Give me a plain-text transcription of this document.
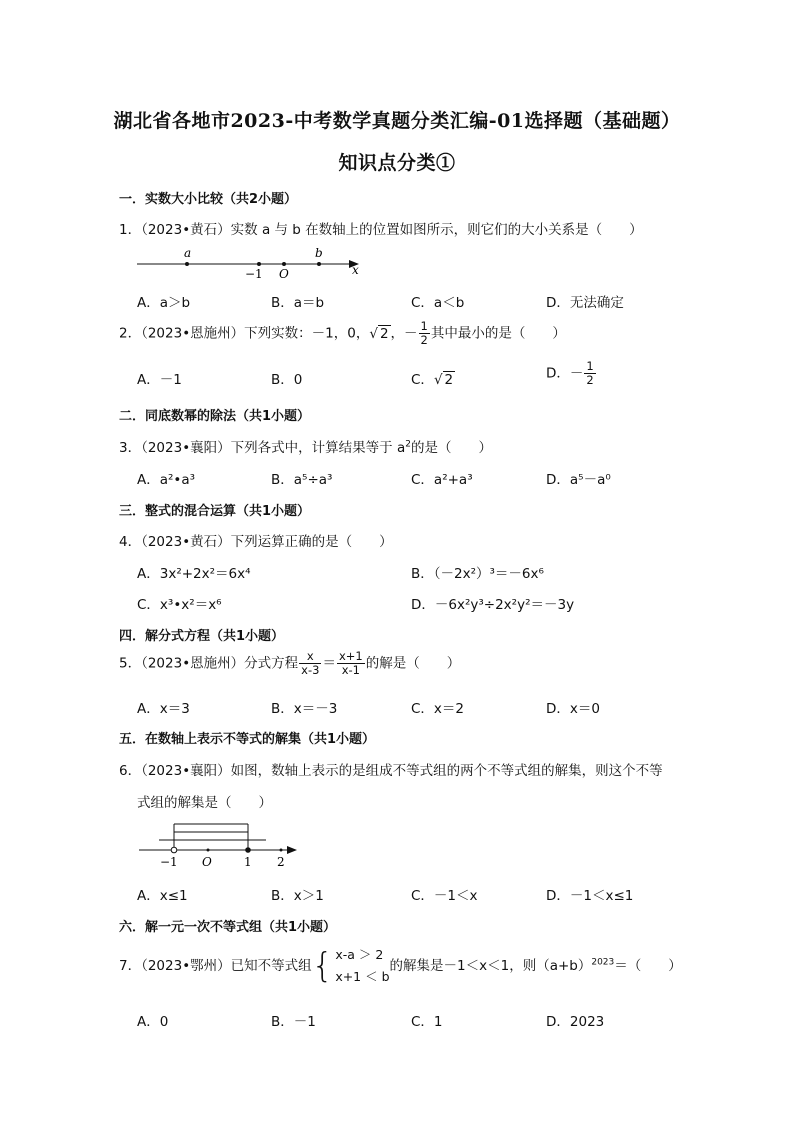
湖北省各地市2023-中考数学真题分类汇编-01选择题（基础题）
知识点分类①
一．实数大小比较（共2小题）
1．（2023•黄石）实数 a 与 b 在数轴上的位置如图所示，则它们的大小关系是（　　）
a
−1 O
b
x
A．a＞b	B．a＝b	C．a＜b	D．无法确定
2．（2023•恩施州）下列实数：－1，0，√ 2 ，－ $\frac{1}{2}$ 其中最小的是（　　）
A．－1	B．0	C．√ 2	D．－ $\frac{1}{2}$
二．同底数幂的除法（共1小题）
3．（2023•襄阳）下列各式中，计算结果等于 $a^2$的是（　　）
A．a²•a³	B．a⁵÷a³	C．a²+a³	D．a⁵－a⁰
三．整式的混合运算（共1小题）
4．（2023•黄石）下列运算正确的是（　　）
A．3x²+2x²＝6x⁴	B．（－2x²）³＝－6x⁶
C．x³•x²＝x⁶	D．－6x²y³÷2x²y²＝－3y
四．解分式方程（共1小题）
5．（2023•恩施州）分式方程 $\frac{x}{x-3} = \frac{x+1}{x-1}$ 的解是（　　）
A．x＝3	B．x＝－3	C．x＝2	D．x＝0
五．在数轴上表示不等式的解集（共1小题）
6．（2023•襄阳）如图，数轴上表示的是组成不等式组的两个不等式组的解集，则这个不等
式组的解集是（　　）
−1 O	1 2
A．x≤1	B．x＞1	C．－1＜x	D．－1＜x≤1
六．解一元一次不等式组（共1小题）
7．（2023•鄂州）已知不等式组{ x-a ＞ 2
x+1 ＜ b
的解集是－1＜x＜1，则$(a+b)^{2023}=$（　　）
A．0	B．－1	C．1	D．2023
